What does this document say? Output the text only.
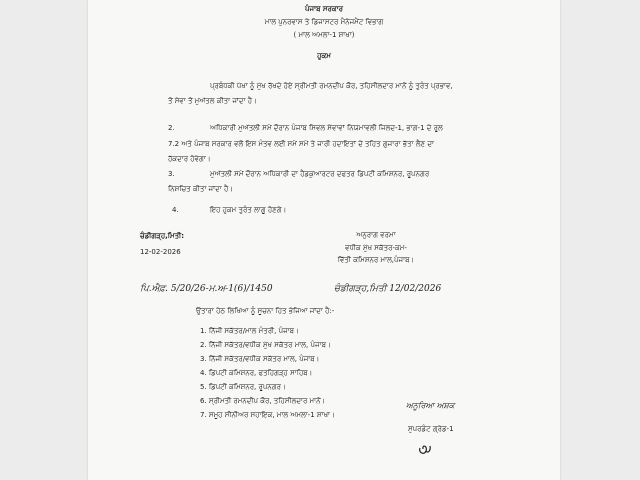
ਪੰਜਾਬ ਸਰਕਾਰ
ਮਾਲ ਪੁਨਰਵਾਸ ਤੇ ਡਿਜਾਸਟਰ ਮੈਨੇਜਮੈਂਟ ਵਿਭਾਗ
( ਮਾਲ ਅਮਲਾ-1 ਸ਼ਾਖਾ)
ਹੁਕਮ
ਪ੍ਰਬੰਧਕੀ ਪੱਖਾ ਨੂੰ ਮੁੱਖ ਰੱਖਦੇ ਹੋਏ ਸ੍ਰੀਮਤੀ ਰਮਨਦੀਪ ਕੌਰ, ਤਹਿਸੀਲਦਾਰ ਮਾਨੋਂ ਨੂੰ ਤੁਰੰਤ ਪ੍ਰਭਾਵ,
ਤੋਂ ਸੇਵਾ ਤੋਂ ਮੁਅੱਤਲ ਕੀਤਾ ਜਾਂਦਾ ਹੈ।
2.	ਅਧਿਕਾਰੀ ਮੁਅੱਤਲੀ ਸਮੇਂ ਦੌਰਾਨ ਪੰਜਾਬ ਸਿਵਲ ਸੇਵਾਵਾਂ ਨਿਯਮਾਵਲੀ ਜਿਲਦ-1, ਭਾਗ-1 ਦੇ ਰੂਲ
7.2 ਅਤੇ ਪੰਜਾਬ ਸਰਕਾਰ ਵਲੋਂ ਇਸ ਮੰਤਵ ਲਈ ਸਮੇਂ ਸਮੇਂ ਤੇ ਜਾਰੀ ਹਦਾਇਤਾਂ ਦੇ ਤਹਿਤ ਗੁਜਾਰਾ ਭੱਤਾ ਲੈਣ ਦਾ
ਹੱਕਦਾਰ ਹੋਵੇਗਾ।
3.	ਮੁਅੱਤਲੀ ਸਮੇਂ ਦੌਰਾਨ ਅਧਿਕਾਰੀ ਦਾ ਹੈਡਕੁਆਰਟਰ ਦਫਤਰ ਡਿਪਟੀ ਕਮਿਸ਼ਨਰ, ਰੂਪਨਗਰ
ਨਿਸ਼ਚਿਤ ਕੀਤਾ ਜਾਂਦਾ ਹੈ।
4.	ਇਹ ਹੁਕਮ ਤੁਰੰਤ ਲਾਗੂ ਹੋਣਗੇ।
ਚੰਡੀਗੜ੍ਹ,ਮਿਤੀ:
12-02-2026
ਅਨੁਰਾਗ ਵਰਮਾ
ਵਧੀਕ ਮੁੱਖ ਸਕੱਤਰ-ਕਮ-
ਵਿੱਤੀ ਕਮਿਸ਼ਨਰ ਮਾਲ,ਪੰਜਾਬ।
ਪਿ.ਐਫ਼. 5/20/26-ਮ.ਅ-1(6)/1450	ਚੰਡੀਗੜ੍ਹ,ਮਿਤੀ 12/02/2026
ਉਤਾਰਾ ਹੇਠ ਲਿਖਿਆ ਨੂੰ ਸੂਚਨਾ ਹਿਤ ਭੇਜਿਆ ਜਾਂਦਾ ਹੈ:-
1. ਨਿੱਜੀ ਸਕੱਤਰ/ਮਾਲ ਮੰਤਰੀ, ਪੰਜਾਬ।
2. ਨਿੱਜੀ ਸਕੱਤਰ/ਵਧੀਕ ਮੁੱਖ ਸਕੱਤਰ ਮਾਲ, ਪੰਜਾਬ।
3. ਨਿੱਜੀ ਸਕੱਤਰ/ਵਧੀਕ ਸਕੱਤਰ ਮਾਲ, ਪੰਜਾਬ।
4. ਡਿਪਟੀ ਕਮਿਸ਼ਨਰ, ਫਤਹਿਗੜ੍ਹ ਸਾਹਿਬ।
5. ਡਿਪਟੀ ਕਮਿਸ਼ਨਰ, ਰੂਪਨਗਰ।
6. ਸ੍ਰੀਮਤੀ ਰਮਨਦੀਪ ਕੌਰ, ਤਹਿਸੀਲਦਾਰ ਮਾਨੋਂ।
7. ਸਮੂਹ ਸੀਨੀਅਰ ਸਹਾਇਕ, ਮਾਲ ਅਮਲਾ-1 ਸ਼ਾਖਾ।
ਅਨੂਰਿਆ ਅਸ਼ਕ
ਸੁਪਰਡੰਟ ਗ੍ਰੇਡ-1
